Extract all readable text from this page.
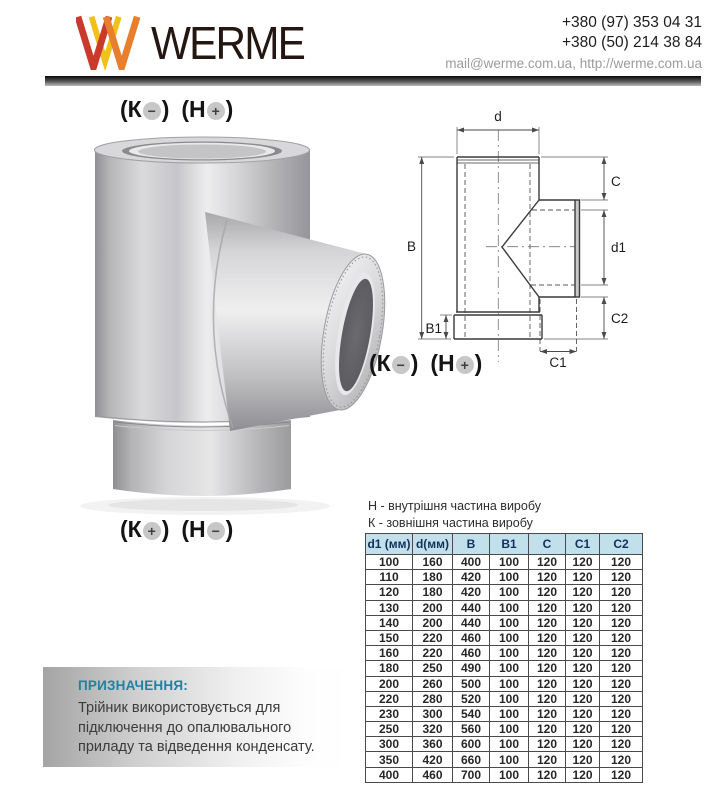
WERME	+380 (97) 353 04 31
+380 (50) 214 38 84
mail@werme.com.ua, http://werme.com.ua
(К − ) (Н + )
(К + ) (Н − )
d
B
B1
C
d1
C2
C1
(К − ) (Н + )
Н - внутрішня частина виробу
К - зовнішня частина виробу
d1 (мм)	d(мм)	B	B1	C	C1	C2
100	160	400	100	120	120	120
110	180	420	100	120	120	120
120	180	420	100	120	120	120
130	200	440	100	120	120	120
140	200	440	100	120	120	120
150	220	460	100	120	120	120
160	220	460	100	120	120	120
180	250	490	100	120	120	120
200	260	500	100	120	120	120
220	280	520	100	120	120	120
230	300	540	100	120	120	120
250	320	560	100	120	120	120
300	360	600	100	120	120	120
350	420	660	100	120	120	120
400	460	700	100	120	120	120
ПРИЗНАЧЕННЯ:
Трійник використовується для підключення до опалювального приладу та відведення конденсату.
